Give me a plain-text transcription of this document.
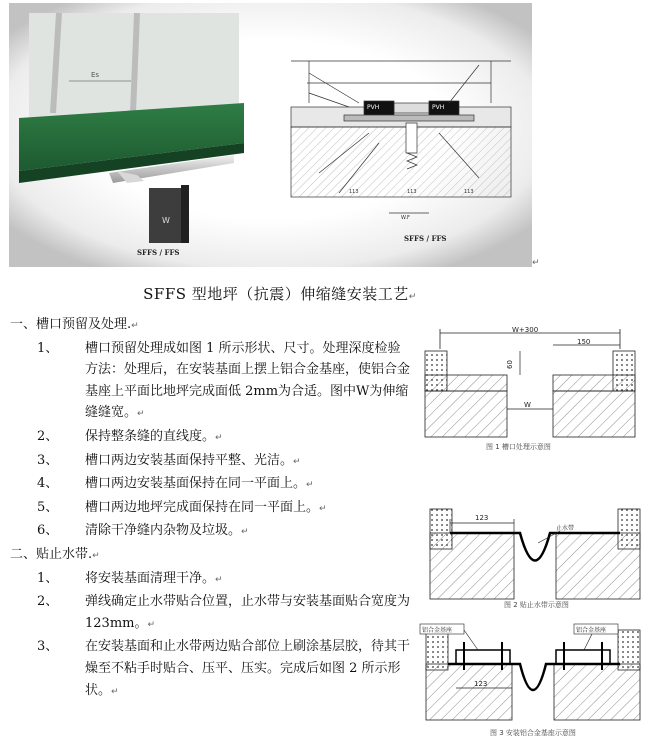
Es
W
SFFS / FFS
PVH	PVH
113	113	113
W.F
SFFS / FFS
↵
SFFS 型地坪（抗震）伸缩缝安装工艺↵

一、槽口预留及处理.↵

1、	槽口预留处理成如图 1 所示形状、尺寸。处理深度检验方法：处理后，在安装基面上摆上铝合金基座，使铝合金基座上平面比地坪完成面低 2mm为合适。图中W为伸缩缝缝宽。↵
2、	保持整条缝的直线度。↵
3、	槽口两边安装基面保持平整、光洁。↵
4、	槽口两边安装基面保持在同一平面上。↵
5、	槽口两边地坪完成面保持在同一平面上。↵
6、	清除干净缝内杂物及垃圾。↵

二、贴止水带.↵

1、	将安装基面清理干净。↵
2、	弹线确定止水带贴合位置，止水带与安装基面贴合宽度为 123mm。↵
3、	在安装基面和止水带两边贴合部位上刷涂基层胶，待其干燥至不粘手时贴合、压平、压实。完成后如图 2 所示形状。↵
W+300
150
60
W
图 1 槽口处理示意图
123
止水带
图 2 贴止水带示意图
铝合金基座	铝合金基座
123
图 3 安装铝合金基座示意图
